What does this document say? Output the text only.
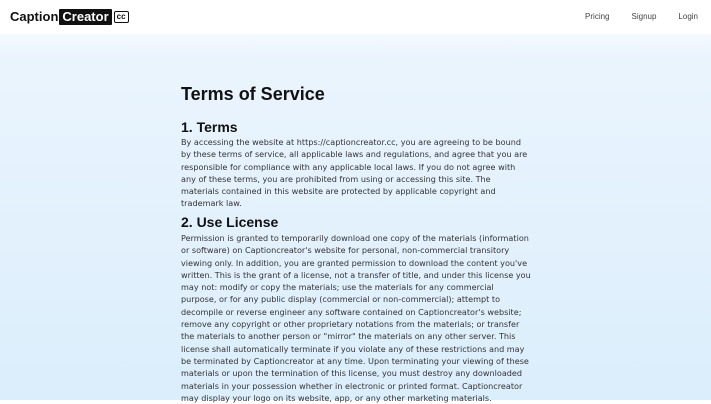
Caption Creator	cc	Pricing	Signup	Login
Terms of Service
1. Terms

By accessing the website at https://captioncreator.cc, you are agreeing to be bound by these terms of service, all applicable laws and regulations, and agree that you are responsible for compliance with any applicable local laws. If you do not agree with any of these terms, you are prohibited from using or accessing this site. The materials contained in this website are protected by applicable copyright and trademark law.

2. Use License

Permission is granted to temporarily download one copy of the materials (information or software) on Captioncreator's website for personal, non-commercial transitory viewing only. In addition, you are granted permission to download the content you've written. This is the grant of a license, not a transfer of title, and under this license you may not: modify or copy the materials; use the materials for any commercial purpose, or for any public display (commercial or non-commercial); attempt to decompile or reverse engineer any software contained on Captioncreator's website; remove any copyright or other proprietary notations from the materials; or transfer the materials to another person or "mirror" the materials on any other server. This license shall automatically terminate if you violate any of these restrictions and may be terminated by Captioncreator at any time. Upon terminating your viewing of these materials or upon the termination of this license, you must destroy any downloaded materials in your possession whether in electronic or printed format. Captioncreator may display your logo on its website, app, or any other marketing materials.
